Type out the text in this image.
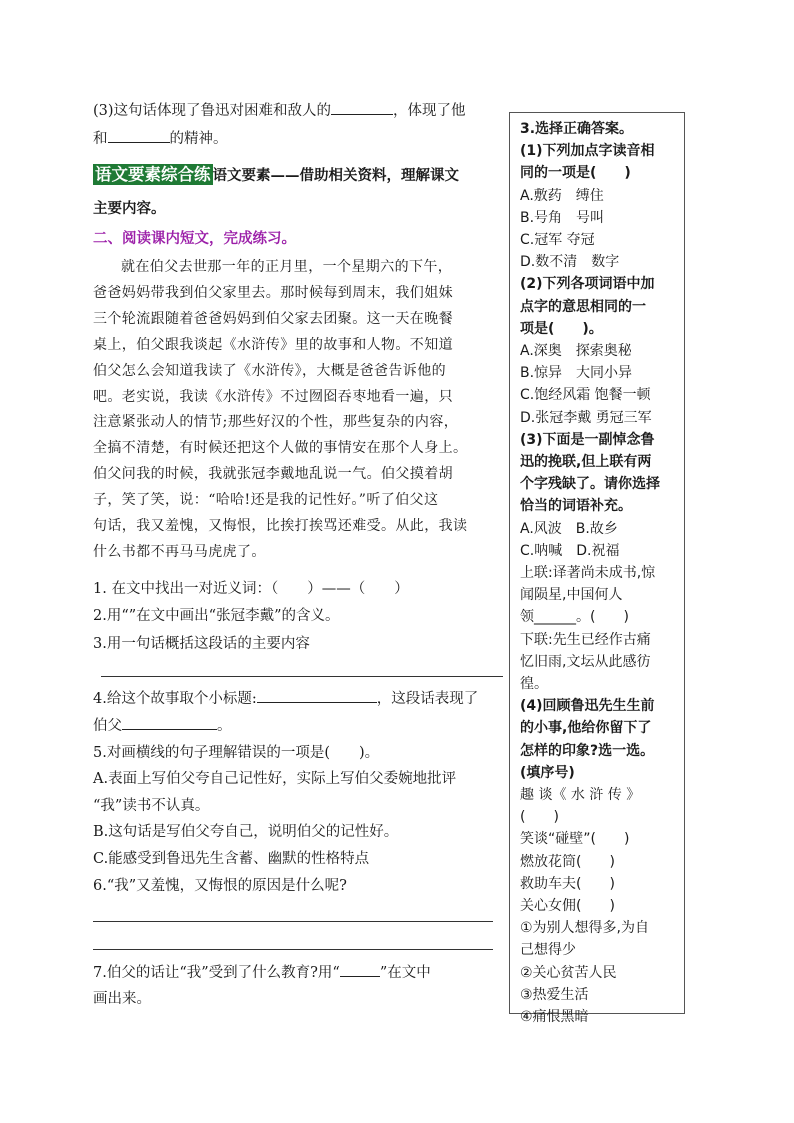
(3)这句话体现了鲁迅对困难和敌人的	，体现了他
和	的精神。
语文要素综合练 语文要素——借助相关资料，理解课文
主要内容。
二、阅读课内短文，完成练习。
就在伯父去世那一年的正月里，一个星期六的下午，
爸爸妈妈带我到伯父家里去。那时候每到周末，我们姐妹
三个轮流跟随着爸爸妈妈到伯父家去团聚。这一天在晚餐
桌上，伯父跟我谈起《水浒传》里的故事和人物。不知道
伯父怎么会知道我读了《水浒传》，大概是爸爸告诉他的
吧。老实说，我读《水浒传》不过囫囵吞枣地看一遍，只
注意紧张动人的情节;那些好汉的个性，那些复杂的内容，
全搞不清楚，有时候还把这个人做的事情安在那个人身上。
伯父问我的时候，我就张冠李戴地乱说一气。伯父摸着胡
子，笑了笑，说：“哈哈!还是我的记性好。”听了伯父这
句话，我又羞愧，又悔恨，比挨打挨骂还难受。从此，我读
什么书都不再马马虎虎了。
1. 在文中找出一对近义词：（　　）——（　　）
2.用“”在文中画出“张冠李戴”的含义。
3.用一句话概括这段话的主要内容
4.给这个故事取个小标题:	，这段话表现了
伯父	。
5.对画横线的句子理解错误的一项是(　　)。
A.表面上写伯父夸自己记性好，实际上写伯父委婉地批评
“我”读书不认真。
B.这句话是写伯父夸自己，说明伯父的记性好。
C.能感受到鲁迅先生含蓄、幽默的性格特点
6.“我”又羞愧，又悔恨的原因是什么呢?
7.伯父的话让“我”受到了什么教育?用“	”在文中
画出来。
3.选择正确答案。
(1)下列加点字读音相
同的一项是(　　)
A.敷药　缚住
B.号角　号叫
C.冠军 夺冠
D.数不清　数字
(2)下列各项词语中加
点字的意思相同的一
项是(　　)。
A.深奥　探索奥秘
B.惊异　大同小异
C.饱经风霜 饱餐一顿
D.张冠李戴 勇冠三军
(3)下面是一副悼念鲁
迅的挽联,但上联有两
个字残缺了。请你选择
恰当的词语补充。
A.风波　B.故乡
C.呐喊　D.祝福
上联:译著尚未成书,惊
闻陨星,中国何人
领______。(　　)
下联:先生已经作古痛
忆旧雨,文坛从此感彷
徨。
(4)回顾鲁迅先生生前
的小事,他给你留下了
怎样的印象?选一选。
(填序号)
趣 谈《 水 浒 传 》
(　　)
笑谈“碰壁”(　　)
燃放花筒(　　)
救助车夫(　　)
关心女佣(　　)
①为别人想得多,为自
己想得少
②关心贫苦人民
③热爱生活
④痛恨黑暗
